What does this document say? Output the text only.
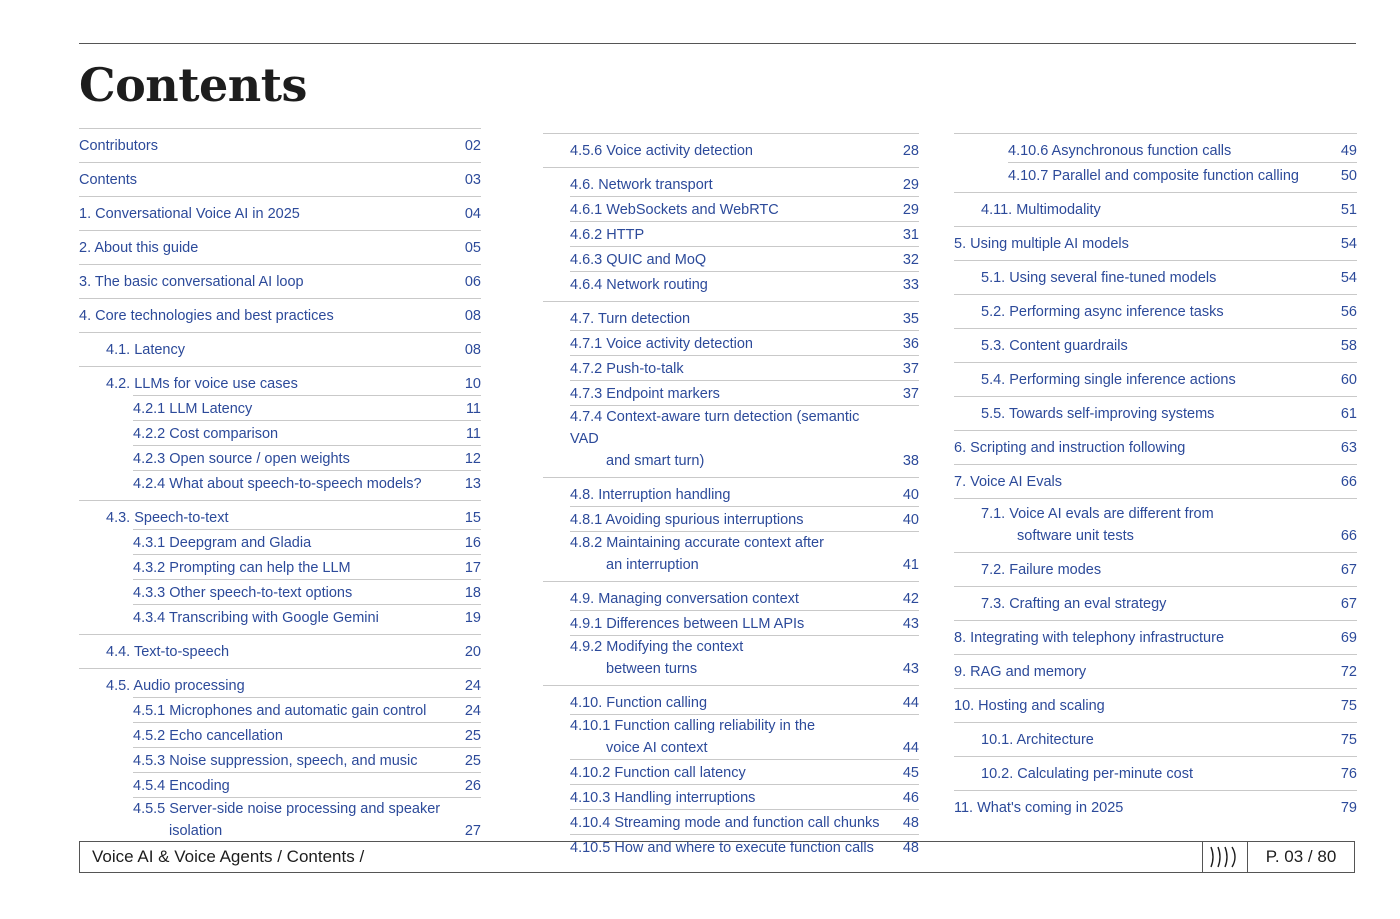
Contents
Contributors	02
Contents	03
1. Conversational Voice AI in 2025	04
2. About this guide	05
3. The basic conversational AI loop	06
4. Core technologies and best practices	08
4.1. Latency	08
4.2. LLMs for voice use cases	10
4.2.1 LLM Latency	11
4.2.2 Cost comparison	11
4.2.3 Open source / open weights	12
4.2.4 What about speech-to-speech models?	13
4.3. Speech-to-text	15
4.3.1 Deepgram and Gladia	16
4.3.2 Prompting can help the LLM	17
4.3.3 Other speech-to-text options	18
4.3.4 Transcribing with Google Gemini	19
4.4. Text-to-speech	20
4.5. Audio processing	24
4.5.1 Microphones and automatic gain control	24
4.5.2 Echo cancellation	25
4.5.3 Noise suppression, speech, and music	25
4.5.4 Encoding	26
4.5.5 Server-side noise processing and speaker
isolation	27
4.5.6 Voice activity detection	28
4.6. Network transport	29
4.6.1 WebSockets and WebRTC	29
4.6.2 HTTP	31
4.6.3 QUIC and MoQ	32
4.6.4 Network routing	33
4.7. Turn detection	35
4.7.1 Voice activity detection	36
4.7.2 Push-to-talk	37
4.7.3 Endpoint markers	37
4.7.4 Context-aware turn detection (semantic VAD
and smart turn)	38
4.8. Interruption handling	40
4.8.1 Avoiding spurious interruptions	40
4.8.2 Maintaining accurate context after
an interruption	41
4.9. Managing conversation context	42
4.9.1 Differences between LLM APIs	43
4.9.2 Modifying the context
between turns	43
4.10. Function calling	44
4.10.1 Function calling reliability in the
voice AI context	44
4.10.2 Function call latency	45
4.10.3 Handling interruptions	46
4.10.4 Streaming mode and function call chunks	48
4.10.5 How and where to execute function calls	48
4.10.6 Asynchronous function calls	49
4.10.7 Parallel and composite function calling	50
4.11. Multimodality	51
5. Using multiple AI models	54
5.1. Using several fine-tuned models	54
5.2. Performing async inference tasks	56
5.3. Content guardrails	58
5.4. Performing single inference actions	60
5.5. Towards self-improving systems	61
6. Scripting and instruction following	63
7. Voice AI Evals	66
7.1. Voice AI evals are different from
software unit tests	66
7.2. Failure modes	67
7.3. Crafting an eval strategy	67
8. Integrating with telephony infrastructure	69
9. RAG and memory	72
10. Hosting and scaling	75
10.1. Architecture	75
10.2. Calculating per-minute cost	76
11. What's coming in 2025	79
Voice AI & Voice Agents / Contents /	P. 03 / 80
